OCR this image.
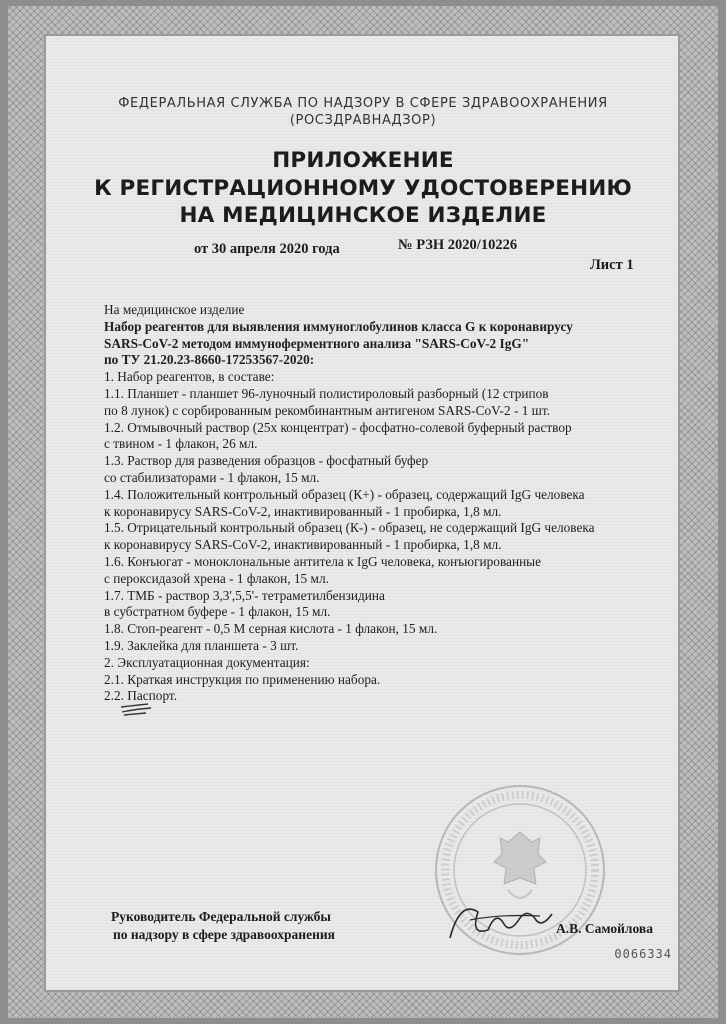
ФЕДЕРАЛЬНАЯ СЛУЖБА ПО НАДЗОРУ В СФЕРЕ ЗДРАВООХРАНЕНИЯ
(РОСЗДРАВНАДЗОР)
ПРИЛОЖЕНИЕ
К РЕГИСТРАЦИОННОМУ УДОСТОВЕРЕНИЮ
НА МЕДИЦИНСКОЕ ИЗДЕЛИЕ
от 30 апреля 2020 года	№ РЗН 2020/10226
Лист 1
На медицинское изделие
Набор реагентов для выявления иммуноглобулинов класса G к коронавирусу
SARS-CoV-2 методом иммуноферментного анализа "SARS-CoV-2 IgG"
по ТУ 21.20.23-8660-17253567-2020:
1. Набор реагентов, в составе:
1.1. Планшет - планшет 96-луночный полистироловый разборный (12 стрипов
по 8 лунок) с сорбированным рекомбинантным антигеном SARS-CoV-2 - 1 шт.
1.2. Отмывочный раствор (25х концентрат) - фосфатно-солевой буферный раствор
с твином - 1 флакон, 26 мл.
1.3. Раствор для разведения образцов - фосфатный буфер
со стабилизаторами - 1 флакон, 15 мл.
1.4. Положительный контрольный образец (К+) - образец, содержащий IgG человека
к коронавирусу SARS-CoV-2, инактивированный - 1 пробирка, 1,8 мл.
1.5. Отрицательный контрольный образец (К-) - образец, не содержащий IgG человека
к коронавирусу SARS-CoV-2, инактивированный - 1 пробирка, 1,8 мл.
1.6. Конъюгат - моноклональные антитела к IgG человека, конъюгированные
с пероксидазой хрена - 1 флакон, 15 мл.
1.7. ТМБ - раствор 3,3',5,5'- тетраметилбензидина
в субстратном буфере - 1 флакон, 15 мл.
1.8. Стоп-реагент - 0,5 М серная кислота - 1 флакон, 15 мл.
1.9. Заклейка для планшета - 3 шт.
2. Эксплуатационная документация:
2.1. Краткая инструкция по применению набора.
2.2. Паспорт.
Руководитель Федеральной службы
по надзору в сфере здравоохранения	А.В. Самойлова
0066334
